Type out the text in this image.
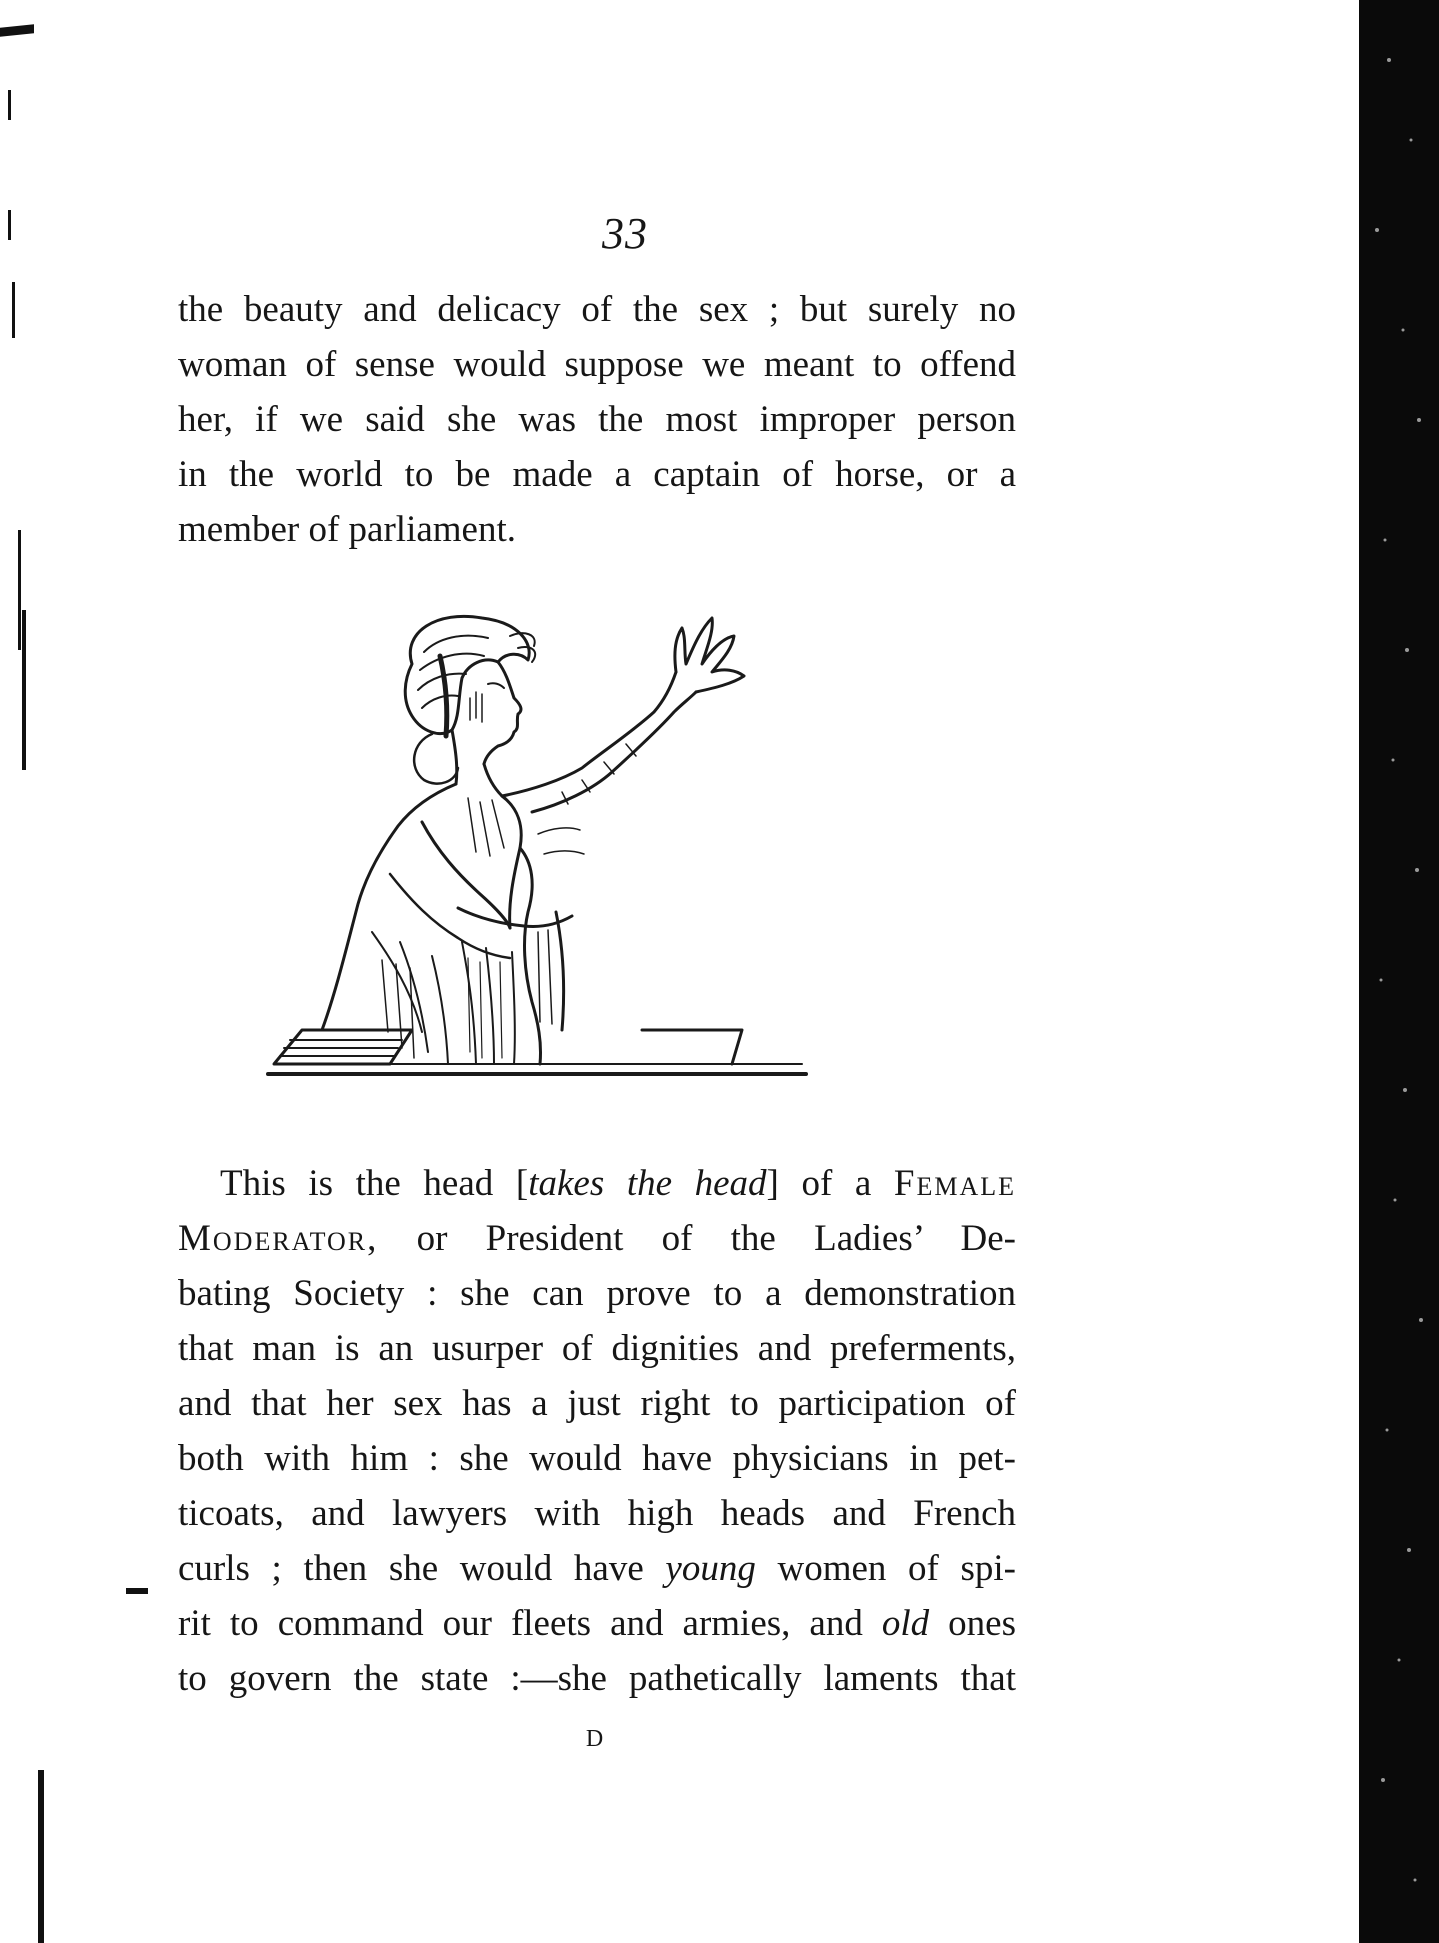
33
the beauty and delicacy of the sex ; but surely no
woman of sense would suppose we meant to offend
her, if we said she was the most improper person
in the world to be made a captain of horse, or a
member of parliament.
This is the head [takes the head] of a Female
Moderator, or President of the Ladies’ De-
bating Society : she can prove to a demonstration
that man is an usurper of dignities and preferments,
and that her sex has a just right to participation of
both with him : she would have physicians in pet-
ticoats, and lawyers with high heads and French
curls ; then she would have young women of spi-
rit to command our fleets and armies, and old ones
to govern the state :—she pathetically laments that
D
